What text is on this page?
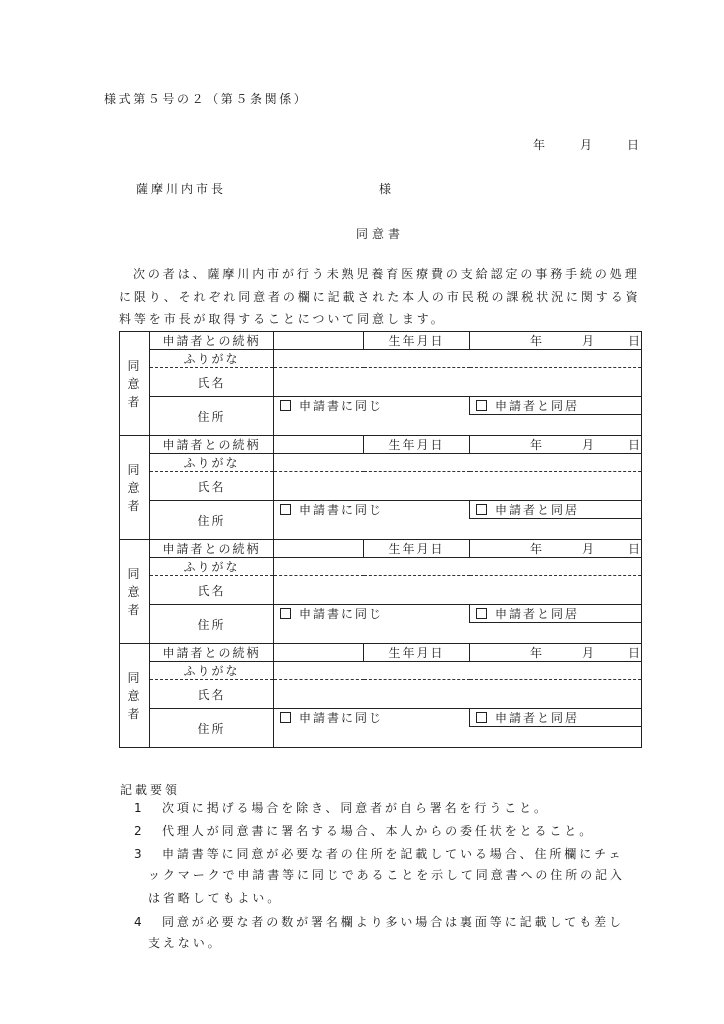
様式第５号の２（第５条関係）
年	月	日
薩摩川内市長	様
同意書

次の者は、薩摩川内市が行う未熟児養育医療費の支給認定の事務手続の処理

に限り、それぞれ同意者の欄に記載された本人の市民税の課税状況に関する資

料等を市長が取得することについて同意します。

同
意
者	申請者との続柄		生年月日	年 月 日

	ふりがな			
	氏名			
	住所	申請書に同じ		申請者と同居

同
意
者	申請者との続柄		生年月日	年 月 日

	ふりがな			
	氏名			
	住所	申請書に同じ		申請者と同居

同
意
者	申請者との続柄		生年月日	年 月 日

	ふりがな			
	氏名			
	住所	申請書に同じ		申請者と同居

同
意
者	申請者との続柄		生年月日	年 月 日

	ふりがな			
	氏名			
	住所	申請書に同じ		申請者と同居

記載要領
1 次項に掲げる場合を除き、同意者が自ら署名を行うこと。
2 代理人が同意書に署名する場合、本人からの委任状をとること。
3 申請書等に同意が必要な者の住所を記載している場合、住所欄にチェ
ックマークで申請書等に同じであることを示して同意書への住所の記入
は省略してもよい。
4 同意が必要な者の数が署名欄より多い場合は裏面等に記載しても差し
支えない。
